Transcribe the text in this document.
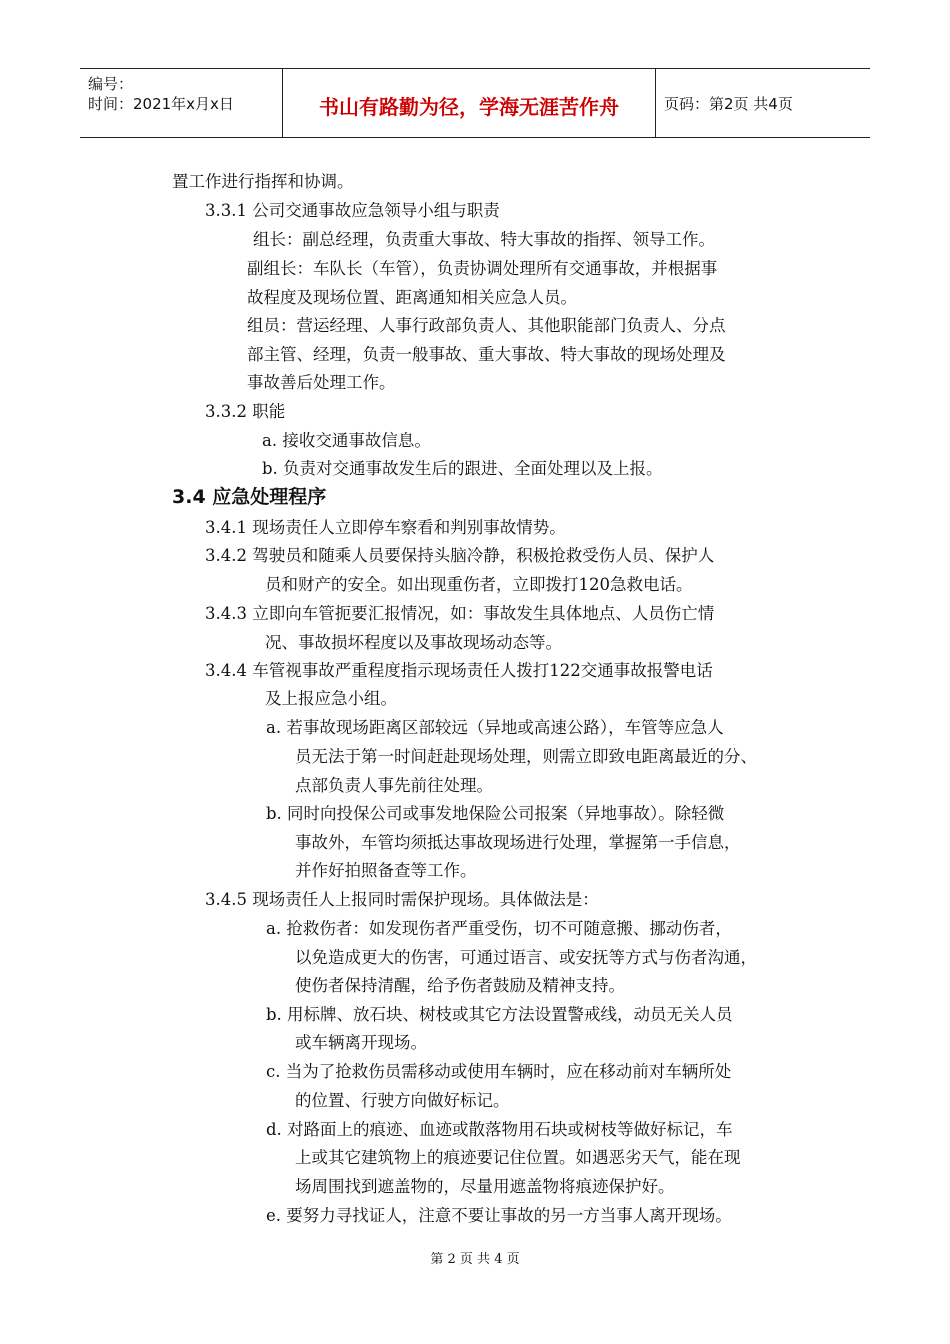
编号：
时间：2021年x月x日	书山有路勤为径，学海无涯苦作舟	页码：第2页 共4页
置工作进行指挥和协调。
3.3.1 公司交通事故应急领导小组与职责
组长：副总经理，负责重大事故、特大事故的指挥、领导工作。
副组长：车队长（车管），负责协调处理所有交通事故，并根据事
故程度及现场位置、距离通知相关应急人员。
组员：营运经理、人事行政部负责人、其他职能部门负责人、分点
部主管、经理，负责一般事故、重大事故、特大事故的现场处理及
事故善后处理工作。
3.3.2 职能
a. 接收交通事故信息。
b. 负责对交通事故发生后的跟进、全面处理以及上报。
3.4 应急处理程序
3.4.1 现场责任人立即停车察看和判别事故情势。
3.4.2 驾驶员和随乘人员要保持头脑冷静，积极抢救受伤人员、保护人
员和财产的安全。如出现重伤者，立即拨打120急救电话。
3.4.3 立即向车管扼要汇报情况，如：事故发生具体地点、人员伤亡情
况、事故损坏程度以及事故现场动态等。
3.4.4 车管视事故严重程度指示现场责任人拨打122交通事故报警电话
及上报应急小组。
a. 若事故现场距离区部较远（异地或高速公路），车管等应急人
员无法于第一时间赶赴现场处理，则需立即致电距离最近的分、
点部负责人事先前往处理。
b. 同时向投保公司或事发地保险公司报案（异地事故）。除轻微
事故外，车管均须抵达事故现场进行处理，掌握第一手信息，
并作好拍照备查等工作。
3.4.5 现场责任人上报同时需保护现场。具体做法是：
a. 抢救伤者：如发现伤者严重受伤，切不可随意搬、挪动伤者，
以免造成更大的伤害，可通过语言、或安抚等方式与伤者沟通，
使伤者保持清醒，给予伤者鼓励及精神支持。
b. 用标牌、放石块、树枝或其它方法设置警戒线，动员无关人员
或车辆离开现场。
c. 当为了抢救伤员需移动或使用车辆时，应在移动前对车辆所处
的位置、行驶方向做好标记。
d. 对路面上的痕迹、血迹或散落物用石块或树枝等做好标记，车
上或其它建筑物上的痕迹要记住位置。如遇恶劣天气，能在现
场周围找到遮盖物的，尽量用遮盖物将痕迹保护好。
e. 要努力寻找证人，注意不要让事故的另一方当事人离开现场。
第 2 页 共 4 页
